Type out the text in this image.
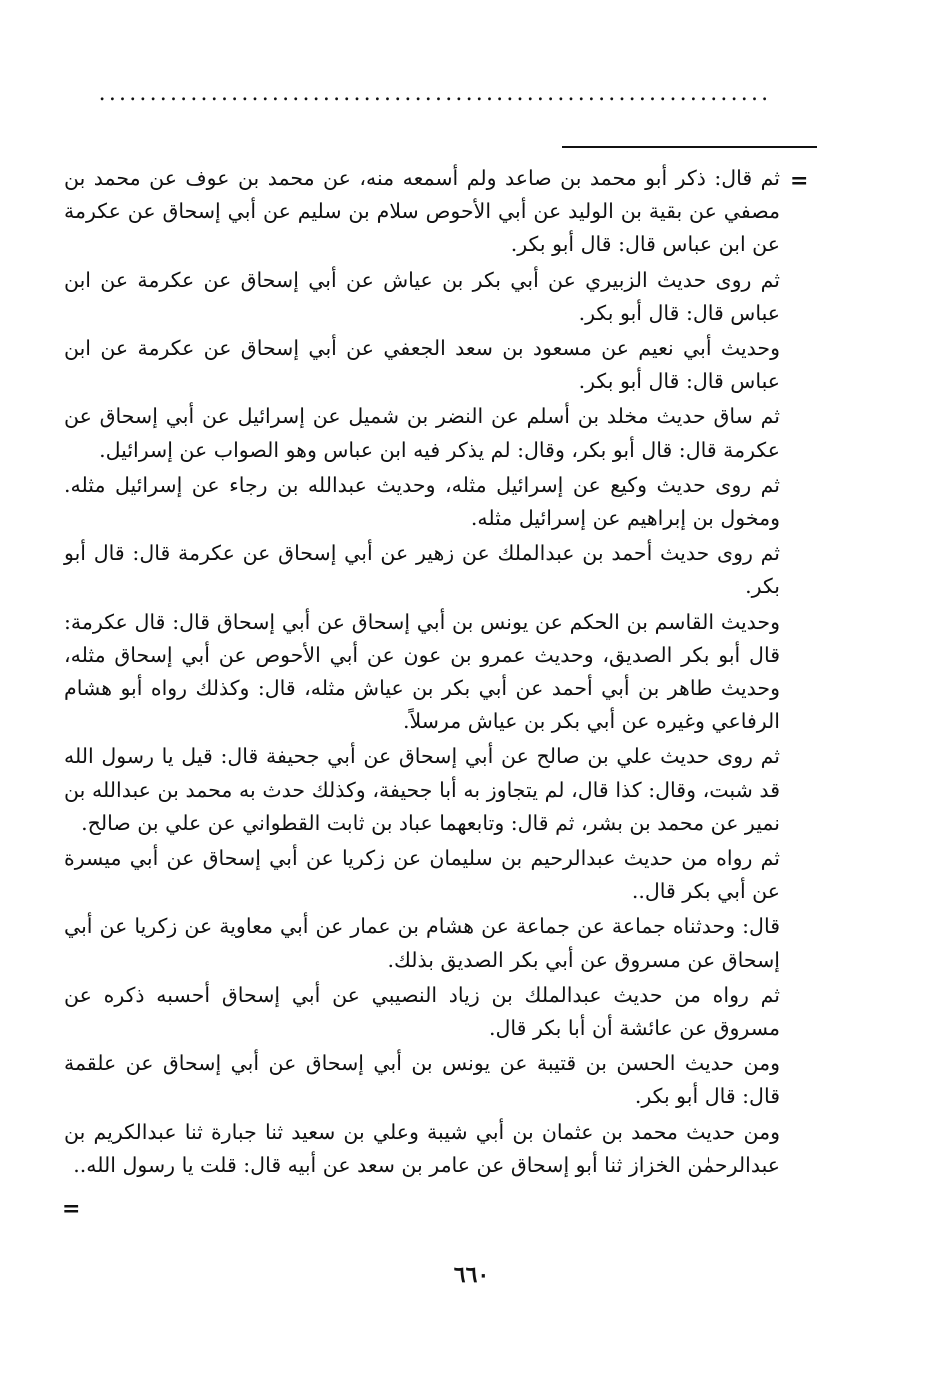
..................................................................
=

ثم قال: ذكر أبو محمد بن صاعد ولم أسمعه منه، عن محمد بن عوف عن محمد بن مصفي عن بقية بن الوليد عن أبي الأحوص سلام بن سليم عن أبي إسحاق عن عكرمة عن ابن عباس قال: قال أبو بكر.

ثم روى حديث الزبيري عن أبي بكر بن عياش عن أبي إسحاق عن عكرمة عن ابن عباس قال: قال أبو بكر.

وحديث أبي نعيم عن مسعود بن سعد الجعفي عن أبي إسحاق عن عكرمة عن ابن عباس قال: قال أبو بكر.

ثم ساق حديث مخلد بن أسلم عن النضر بن شميل عن إسرائيل عن أبي إسحاق عن عكرمة قال: قال أبو بكر، وقال: لم يذكر فيه ابن عباس وهو الصواب عن إسرائيل.

ثم روى حديث وكيع عن إسرائيل مثله، وحديث عبدالله بن رجاء عن إسرائيل مثله. ومخول بن إبراهيم عن إسرائيل مثله.

ثم روى حديث أحمد بن عبدالملك عن زهير عن أبي إسحاق عن عكرمة قال: قال أبو بكر.

وحديث القاسم بن الحكم عن يونس بن أبي إسحاق عن أبي إسحاق قال: قال عكرمة: قال أبو بكر الصديق، وحديث عمرو بن عون عن أبي الأحوص عن أبي إسحاق مثله، وحديث طاهر بن أبي أحمد عن أبي بكر بن عياش مثله، قال: وكذلك رواه أبو هشام الرفاعي وغيره عن أبي بكر بن عياش مرسلاً.

ثم روى حديث علي بن صالح عن أبي إسحاق عن أبي جحيفة قال: قيل يا رسول الله قد شبت، وقال: كذا قال، لم يتجاوز به أبا جحيفة، وكذلك حدث به محمد بن عبدالله بن نمير عن محمد بن بشر، ثم قال: وتابعهما عباد بن ثابت القطواني عن علي بن صالح.

ثم رواه من حديث عبدالرحيم بن سليمان عن زكريا عن أبي إسحاق عن أبي ميسرة عن أبي بكر قال..

قال: وحدثناه جماعة عن جماعة عن هشام بن عمار عن أبي معاوية عن زكريا عن أبي إسحاق عن مسروق عن أبي بكر الصديق بذلك.

ثم رواه من حديث عبدالملك بن زياد النصيبي عن أبي إسحاق أحسبه ذكره عن مسروق عن عائشة أن أبا بكر قال.

ومن حديث الحسن بن قتيبة عن يونس بن أبي إسحاق عن أبي إسحاق عن علقمة قال: قال أبو بكر.

ومن حديث محمد بن عثمان بن أبي شيبة وعلي بن سعيد ثنا جبارة ثنا عبدالكريم بن عبدالرحمٰن الخزاز ثنا أبو إسحاق عن عامر بن سعد عن أبيه قال: قلت يا رسول الله..

=
٦٦٠
